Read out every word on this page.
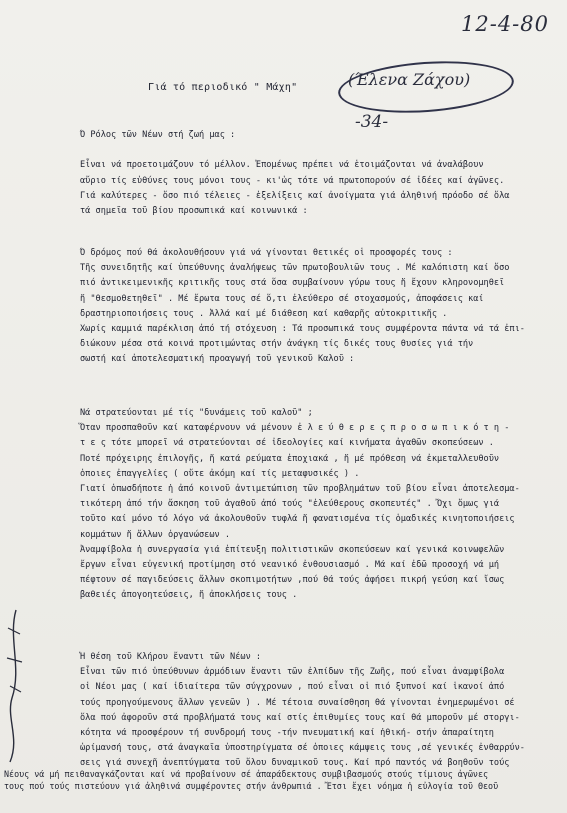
12-4-80
Γιά τό περιοδικό " Μάχη"	(Έλενα Ζάχου)
-34-

Ό Ρόλος τῶν Νέων στή ζωή μας :

Εἶναι νά προετοιμάζουν τό μέλλον. Ἐπομένως πρέπει νά ἑτοιμάζονται νά ἀναλάβουν

αὔριο τίς εὐθύνες τους μόνοι τους - κι'ὡς τότε νά πρωτοπορούν σέ ἰδέες καί ἀγῶνες.

Γιά καλύτερες - ὅσο πιό τέλειες - ἐξελίξεις καί ἀνοίγματα γιά ἀληθινή πρόοδο σέ ὅλα

τά σημεῖα τοῦ βίου προσωπικά καί κοινωνικά :

Ό δρόμος πού θά ἀκολουθήσουν γιά νά γίνονται θετικές οἱ προσφορές τους :

Τῆς συνειδητῆς καί ὑπεύθυνης ἀναλήψεως τῶν πρωτοβουλιῶν τους . Μέ καλόπιστη καί ὅσο

πιό ἀντικειμενικῆς κριτικῆς τους στά ὅσα συμβαίνουν γύρω τους ἤ ἔχουν κληρονομηθεῖ

ἤ "θεσμοθετηθεῖ" . Μέ ἔρωτα τους σέ ὅ,τι ἐλεύθερο σέ στοχασμούς, ἀποφάσεις καί

δραστηριοποιήσεις τους . Ἀλλά καί μέ διάθεση καί καθαρῆς αὐτοκριτικῆς .

Χωρίς καμμιά παρέκλιση ἀπό τή στόχευση : Τά προσωπικά τους συμφέροντα πάντα νά τά ἐπι-

διώκουν μέσα στά κοινά προτιμώντας στήν ἀνάγκη τίς δικές τους θυσίες γιά τήν

σωστή καί ἀποτελεσματική προαγωγή τοῦ γενικοῦ Καλοῦ :

Νά στρατεύονται μέ τίς "δυνάμεις τοῦ καλοῦ" ;

Ὅταν προσπαθοῦν καί καταφέρνουν νά μένουν ἐ λ ε ύ θ ε ρ ε ς π ρ ο σ ω π ι κ ό τ η -

τ ε ς τότε μπορεῖ νά στρατεύονται σέ ἰδεολογίες καί κινήματα ἀγαθῶν σκοπεύσεων .

Ποτέ πρόχειρης ἐπιλογῆς, ἤ κατά ρεύματα ἐποχιακά , ἤ μέ πρόθεση νά ἐκμεταλλευθοῦν

ὁποιες ἐπαγγελίες ( οὔτε ἀκόμη καί τίς μεταφυσικές ) .

Γιατί ὁπωσδήποτε ἡ ἀπό κοινοῦ ἀντιμετώπιση τῶν προβλημάτων τοῦ βίου εἶναι ἀποτελεσμα-

τικότερη ἀπό τήν ἄσκηση τοῦ ἀγαθοῦ ἀπό τούς "ἐλεύθερους σκοπευτές" . Ὄχι ὅμως γιά

τοῦτο καί μόνο τό λόγο νά ἀκολουθοῦν τυφλά ἤ φανατισμένα τίς ὁμαδικές κινητοποιήσεις

κομμάτων ἤ ἄλλων ὀργανώσεων .

Ἀναμφίβολα ἡ συνεργασία γιά ἐπίτευξη πολιτιστικῶν σκοπεύσεων καί γενικά κοινωφελῶν

ἔργων εἶναι εὐγενική προτίμηση στό νεανικό ἐνθουσιασμό . Μά καί ἐδῶ προσοχή νά μή

πέφτουν σέ παγιδεύσεις ἄλλων σκοπιμοτήτων ,πού θά τούς ἀφήσει πικρή γεύση καί ἴσως

βαθειές ἀπογοητεύσεις, ἤ ἀποκλήσεις τους .

Ἡ θέση τοῦ Κλήρου ἔναντι τῶν Νέων :

Εἶναι τῶν πιό ὑπεύθυνων ἁρμόδιων ἔναντι τῶν ἐλπίδων τῆς Ζωῆς, πού εἶναι ἀναμφίβολα

οἱ Νέοι μας ( καί ἰδιαίτερα τῶν σύγχρονων , πού εἶναι οἱ πιό ξυπνοί καί ἱκανοί ἀπό

τούς προηγούμενους ἄλλων γενεῶν ) . Μέ τέτοια συναίσθηση θά γίνονται ἐνημερωμένοι σέ

ὅλα πού ἀφοροῦν στά προβλήματά τους καί στίς ἐπιθυμίες τους καί θά μποροῦν μέ στοργι-

κότητα νά προσφέρουν τή συνδρομή τους -τήν πνευματική καί ἠθική- στήν ἀπαραίτητη

ὡρίμανσή τους, στά ἀναγκαῖα ὑποστηρίγματα σέ ὁποιες κάμψεις τους ,σέ γενικές ἐνθαρρύν-

σεις γιά συνεχῆ ἀνεπτύγματα τοῦ ὅλου δυναμικοῦ τους. Καί πρό παντός νά βοηθοῦν τούς

Νέους νά μή πειθαναγκάζονται καί νά προβαίνουν σέ ἀπαράδεκτους συμβιβασμούς στούς τίμιους ἀγῶνες

τους πού τούς πιστεύουν γιά ἀληθινά συμφέροντες στήν ἀνθρωπιά . Ἔτσι ἔχει νόημα ἡ εὐλογία τοῦ Θεοῦ
